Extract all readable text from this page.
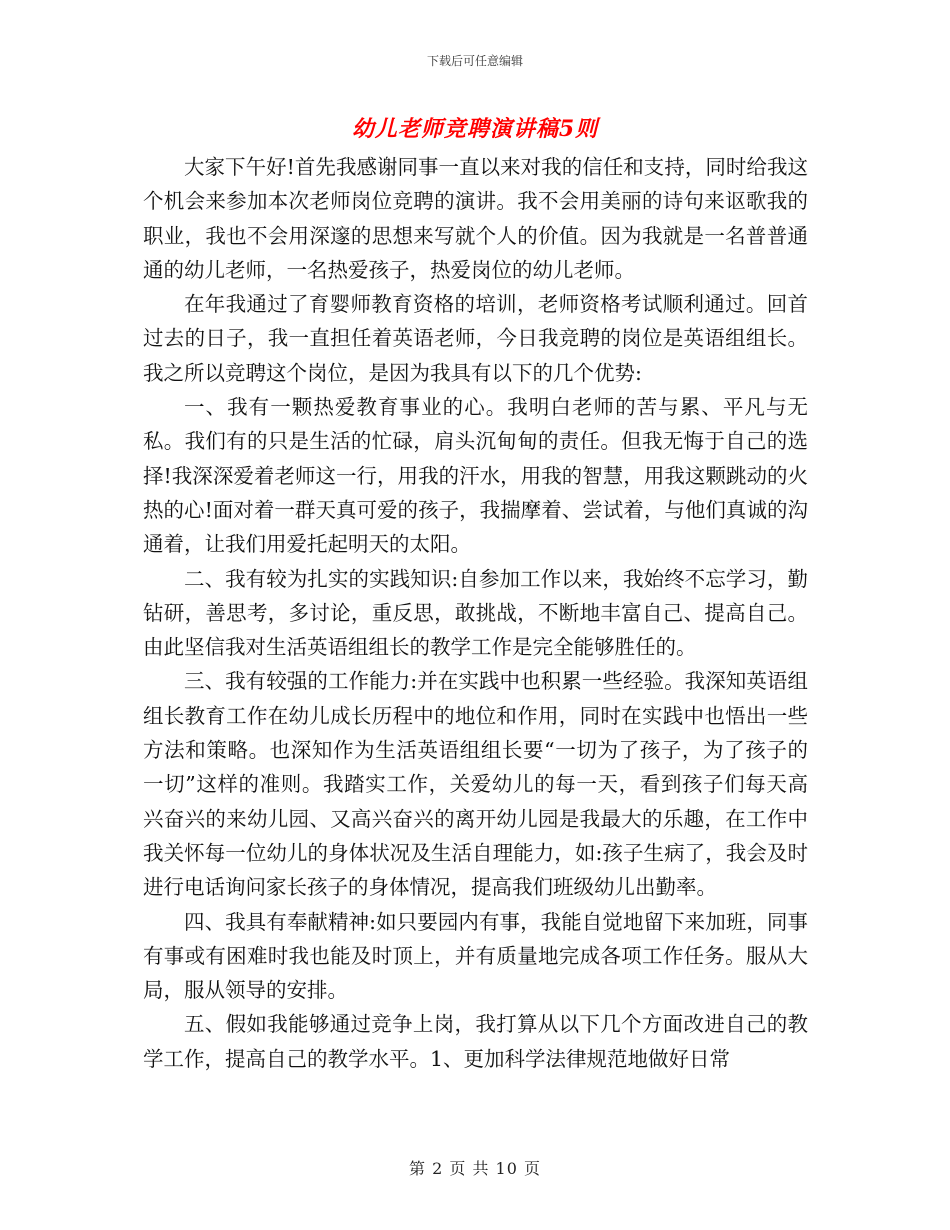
下载后可任意编辑
幼儿老师竞聘演讲稿5则

大家下午好!首先我感谢同事一直以来对我的信任和支持，同时给我这个机会来参加本次老师岗位竞聘的演讲。我不会用美丽的诗句来讴歌我的职业，我也不会用深邃的思想来写就个人的价值。因为我就是一名普普通通的幼儿老师，一名热爱孩子，热爱岗位的幼儿老师。

在年我通过了育婴师教育资格的培训，老师资格考试顺利通过。回首过去的日子，我一直担任着英语老师，今日我竞聘的岗位是英语组组长。我之所以竞聘这个岗位，是因为我具有以下的几个优势:

一、我有一颗热爱教育事业的心。我明白老师的苦与累、平凡与无私。我们有的只是生活的忙碌，肩头沉甸甸的责任。但我无悔于自己的选择!我深深爱着老师这一行，用我的汗水，用我的智慧，用我这颗跳动的火热的心!面对着一群天真可爱的孩子，我揣摩着、尝试着，与他们真诚的沟通着，让我们用爱托起明天的太阳。

二、我有较为扎实的实践知识:自参加工作以来，我始终不忘学习，勤钻研，善思考，多讨论，重反思，敢挑战，不断地丰富自己、提高自己。由此坚信我对生活英语组组长的教学工作是完全能够胜任的。

三、我有较强的工作能力:并在实践中也积累一些经验。我深知英语组组长教育工作在幼儿成长历程中的地位和作用，同时在实践中也悟出一些方法和策略。也深知作为生活英语组组长要“一切为了孩子，为了孩子的一切”这样的准则。我踏实工作，关爱幼儿的每一天，看到孩子们每天高兴奋兴的来幼儿园、又高兴奋兴的离开幼儿园是我最大的乐趣，在工作中我关怀每一位幼儿的身体状况及生活自理能力，如:孩子生病了，我会及时进行电话询问家长孩子的身体情况，提高我们班级幼儿出勤率。

四、我具有奉献精神:如只要园内有事，我能自觉地留下来加班，同事有事或有困难时我也能及时顶上，并有质量地完成各项工作任务。服从大局，服从领导的安排。

五、假如我能够通过竞争上岗，我打算从以下几个方面改进自己的教学工作，提高自己的教学水平。1、更加科学法律规范地做好日常

第 2 页 共 10 页
